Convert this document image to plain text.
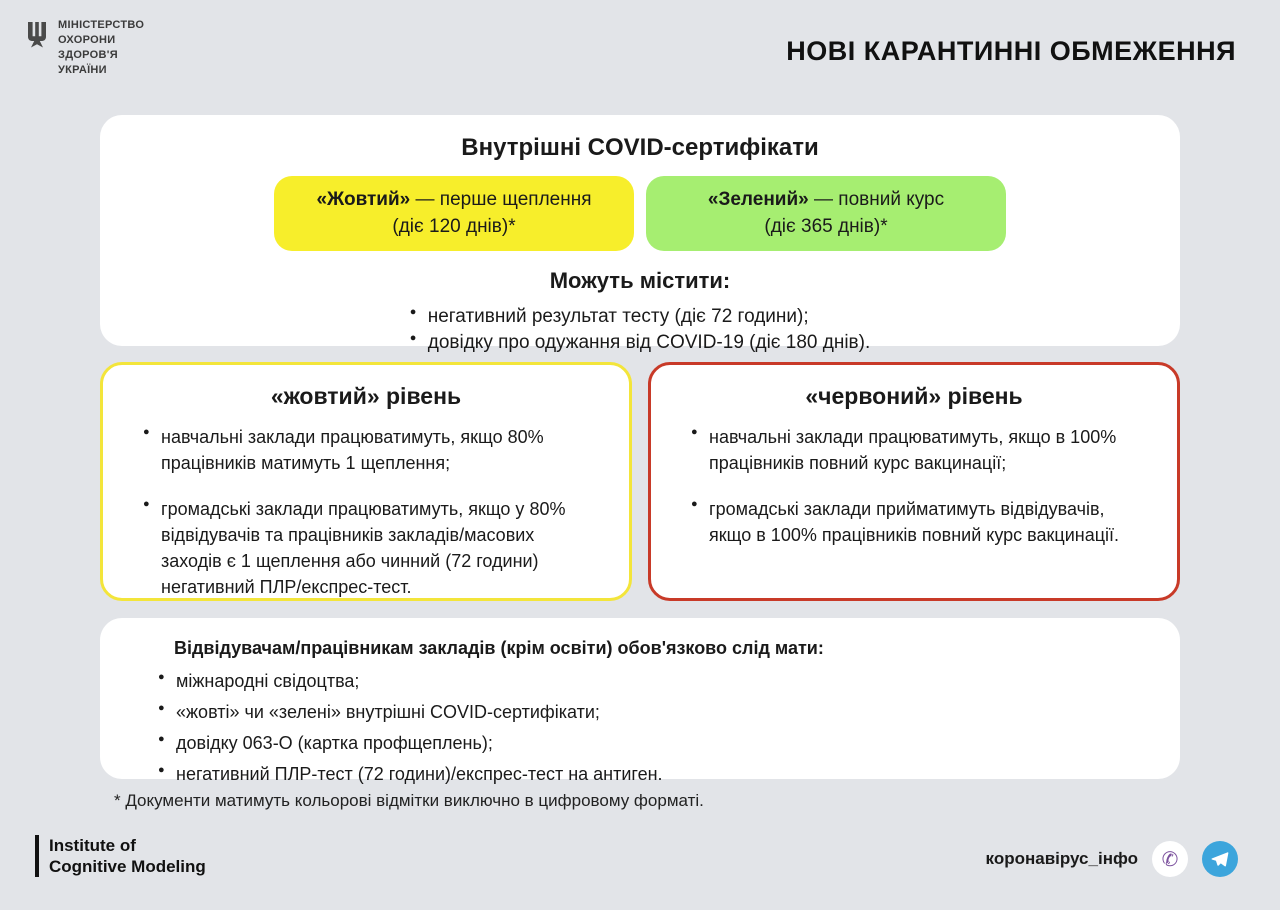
МІНІСТЕРСТВО
ОХОРОНИ
ЗДОРОВ'Я
УКРАЇНИ
НОВІ КАРАНТИННІ ОБМЕЖЕННЯ
Внутрішні COVID-сертифікати
«Жовтий» — перше щеплення
(діє 120 днів)*
«Зелений» — повний курс
(діє 365 днів)*
Можуть містити:
● негативний результат тесту (діє 72 години);
● довідку про одужання від COVID-19 (діє 180 днів).
«жовтий» рівень
● навчальні заклади працюватимуть, якщо 80% працівників матимуть 1 щеплення;
● громадські заклади працюватимуть, якщо у 80% відвідувачів та працівників закладів/масових заходів є 1 щеплення або чинний (72 години) негативний ПЛР/експрес-тест.
«червоний» рівень
● навчальні заклади працюватимуть, якщо в 100% працівників повний курс вакцинації;
● громадські заклади прийматимуть відвідувачів, якщо в 100% працівників повний курс вакцинації.
Відвідувачам/працівникам закладів (крім освіти) обов'язково слід мати:
● міжнародні свідоцтва;
● «жовті» чи «зелені» внутрішні COVID-сертифікати;
● довідку 063-О (картка профщеплень);
● негативний ПЛР-тест (72 години)/експрес-тест на антиген.
* Документи матимуть кольорові відмітки виключно в цифровому форматі.
Institute of
Cognitive Modeling	коронавірус_інфо	✆
